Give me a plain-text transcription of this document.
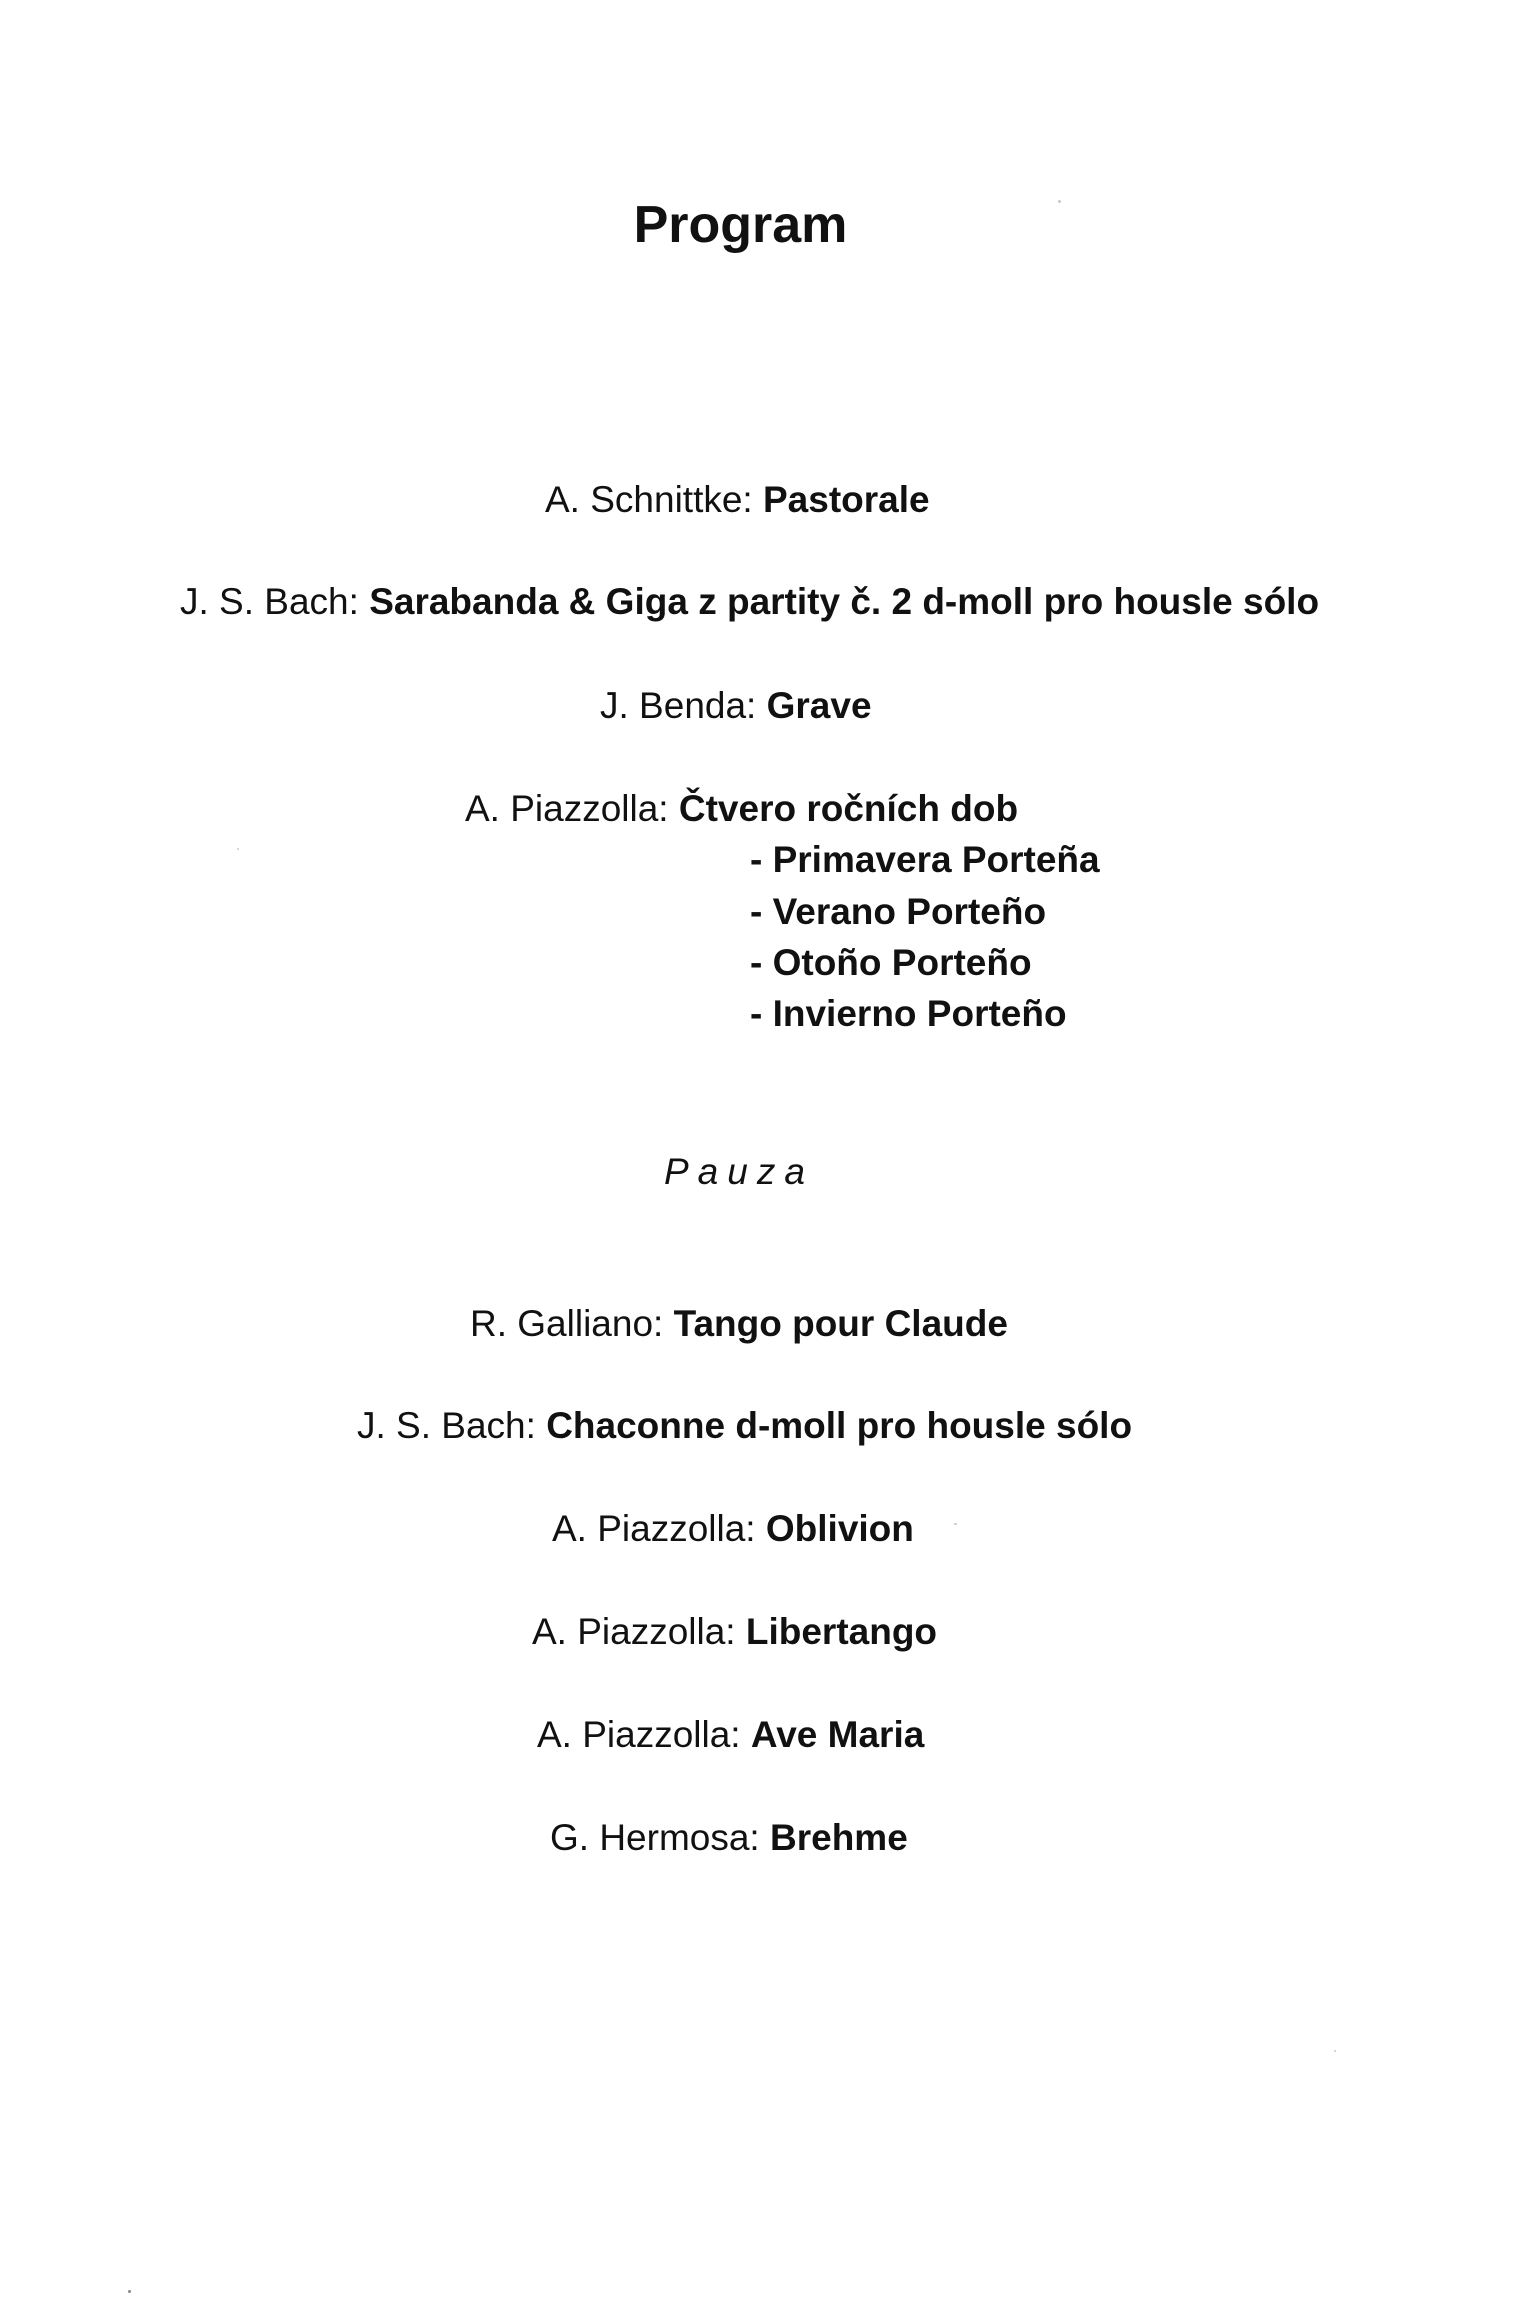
Program
A. Schnittke: Pastorale
J. S. Bach: Sarabanda & Giga z partity č. 2 d-moll pro housle sólo
J. Benda: Grave
A. Piazzolla: Čtvero ročních dob
- Primavera Porteña
- Verano Porteño
- Otoño Porteño
- Invierno Porteño
Pauza
R. Galliano: Tango pour Claude
J. S. Bach: Chaconne d-moll pro housle sólo
A. Piazzolla: Oblivion
A. Piazzolla: Libertango
A. Piazzolla: Ave Maria
G. Hermosa: Brehme
